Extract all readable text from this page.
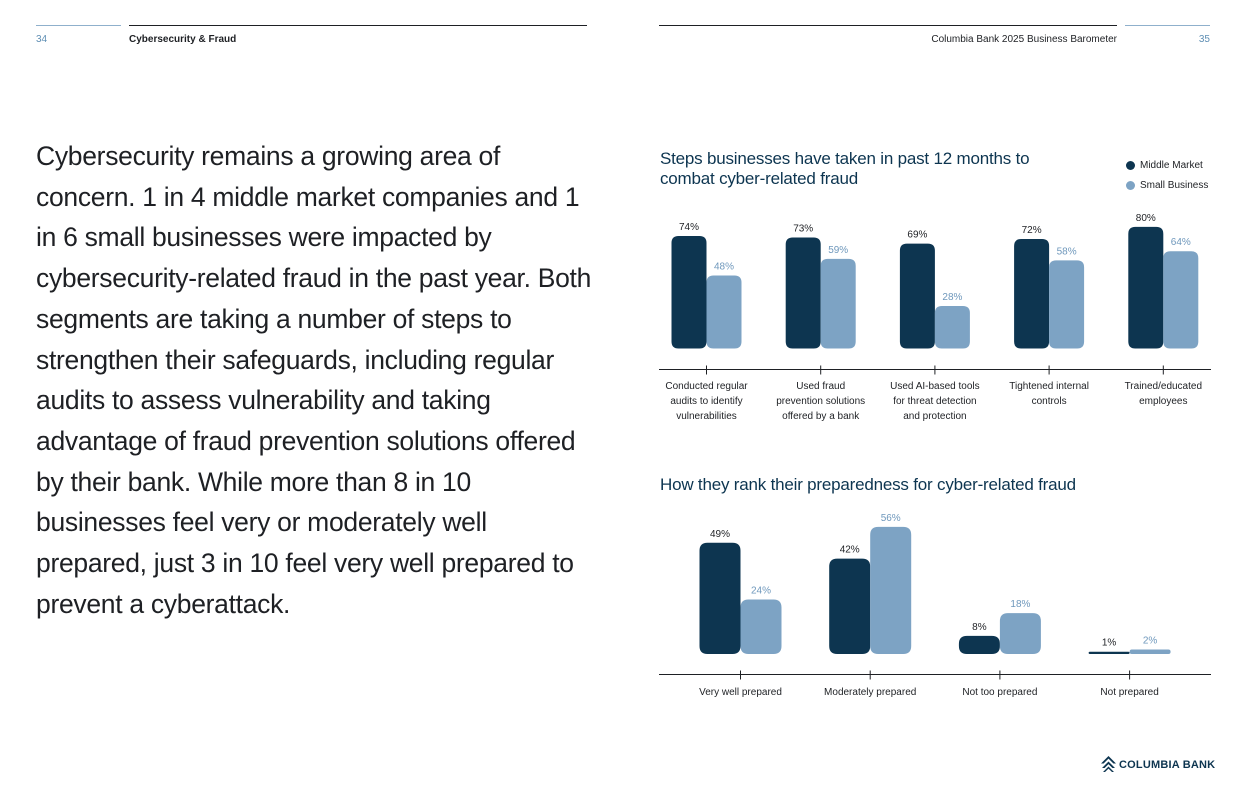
34	Cybersecurity & Fraud	Columbia Bank 2025 Business Barometer	35

Cybersecurity remains a growing area of concern. 1 in 4 middle market companies and 1 in 6 small businesses were impacted by cybersecurity-related fraud in the past year. Both segments are taking a number of steps to strengthen their safeguards, including regular audits to assess vulnerability and taking advantage of fraud prevention solutions offered by their bank. While more than 8 in 10 businesses feel very or moderately well prepared, just 3 in 10 feel very well prepared to prevent a cyberattack.

Steps businesses have taken in past 12 months to combat cyber-related fraud
How they rank their preparedness for cyber-related fraud
Middle Market
Small Business
74%
48%
Conducted regular
audits to identify
vulnerabilities
73%
59%
Used fraud
prevention solutions
offered by a bank
69%
28%
Used AI-based tools
for threat detection
and protection
72%
58%
Tightened internal
controls
80%
64%
Trained/educated
employees
49%
24%
Very well prepared
42%
56%
Moderately prepared
8%
18%
Not too prepared
1%	2%
Not prepared
COLUMBIA BANK
